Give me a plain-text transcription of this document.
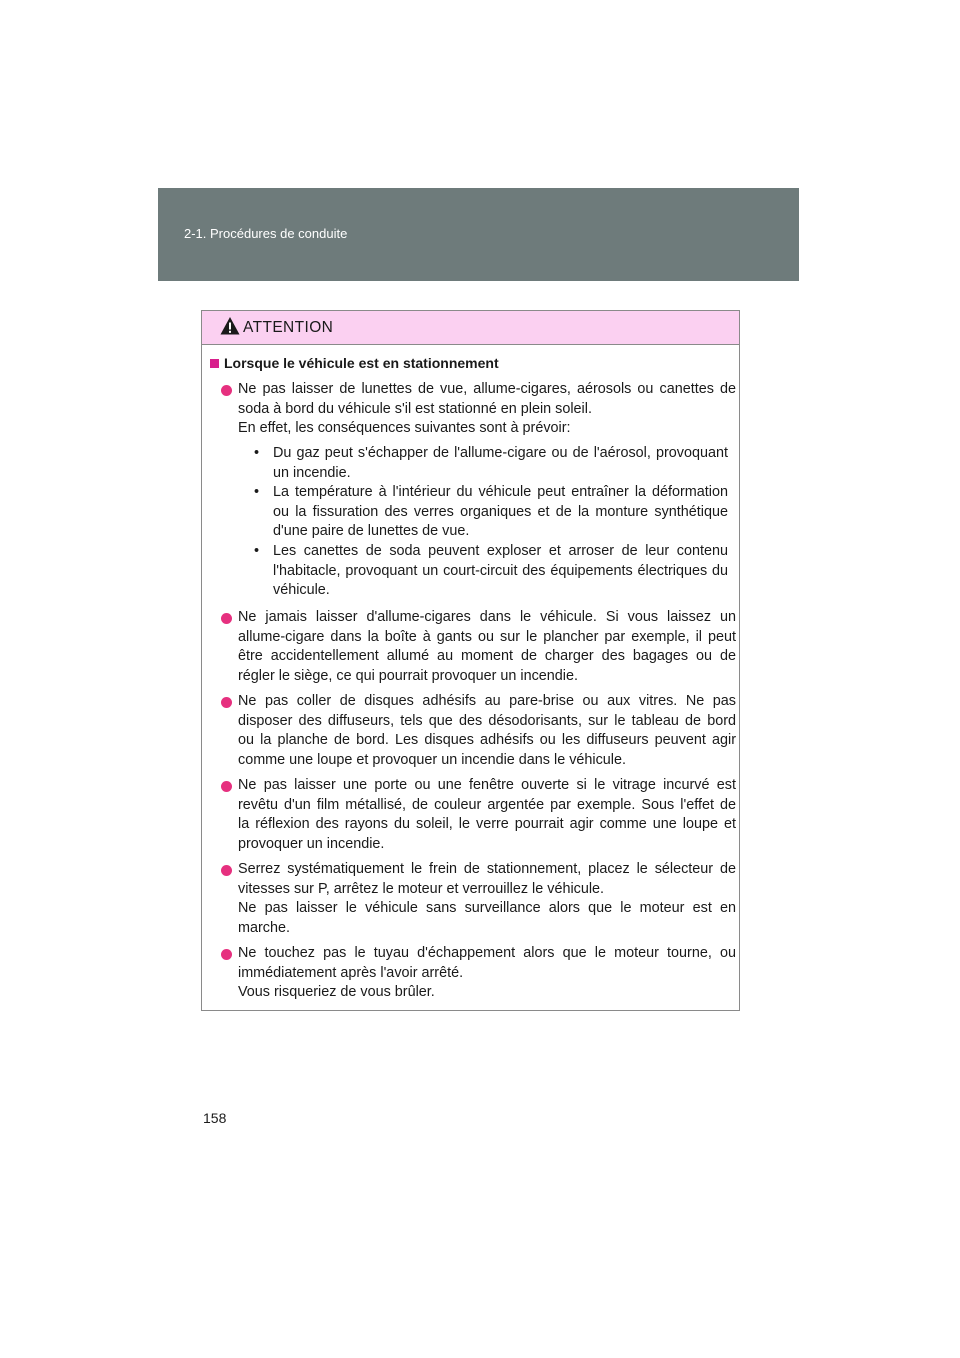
2-1. Procédures de conduite
ATTENTION
Lorsque le véhicule est en stationnement
Ne pas laisser de lunettes de vue, allume-cigares, aérosols ou canettes de
soda à bord du véhicule s'il est stationné en plein soleil.
En effet, les conséquences suivantes sont à prévoir:
• Du gaz peut s'échapper de l'allume-cigare ou de l'aérosol, provoquant
un incendie.
• La température à l'intérieur du véhicule peut entraîner la déformation
ou la fissuration des verres organiques et de la monture synthétique
d'une paire de lunettes de vue.
• Les canettes de soda peuvent exploser et arroser de leur contenu
l'habitacle, provoquant un court-circuit des équipements électriques du
véhicule.
Ne jamais laisser d'allume-cigares dans le véhicule. Si vous laissez un
allume-cigare dans la boîte à gants ou sur le plancher par exemple, il peut
être accidentellement allumé au moment de charger des bagages ou de
régler le siège, ce qui pourrait provoquer un incendie.
Ne pas coller de disques adhésifs au pare-brise ou aux vitres. Ne pas
disposer des diffuseurs, tels que des désodorisants, sur le tableau de bord
ou la planche de bord. Les disques adhésifs ou les diffuseurs peuvent agir
comme une loupe et provoquer un incendie dans le véhicule.
Ne pas laisser une porte ou une fenêtre ouverte si le vitrage incurvé est
revêtu d'un film métallisé, de couleur argentée par exemple. Sous l'effet de
la réflexion des rayons du soleil, le verre pourrait agir comme une loupe et
provoquer un incendie.
Serrez systématiquement le frein de stationnement, placez le sélecteur de
vitesses sur P, arrêtez le moteur et verrouillez le véhicule.
Ne pas laisser le véhicule sans surveillance alors que le moteur est en
marche.
Ne touchez pas le tuyau d'échappement alors que le moteur tourne, ou
immédiatement après l'avoir arrêté.
Vous risqueriez de vous brûler.
158
